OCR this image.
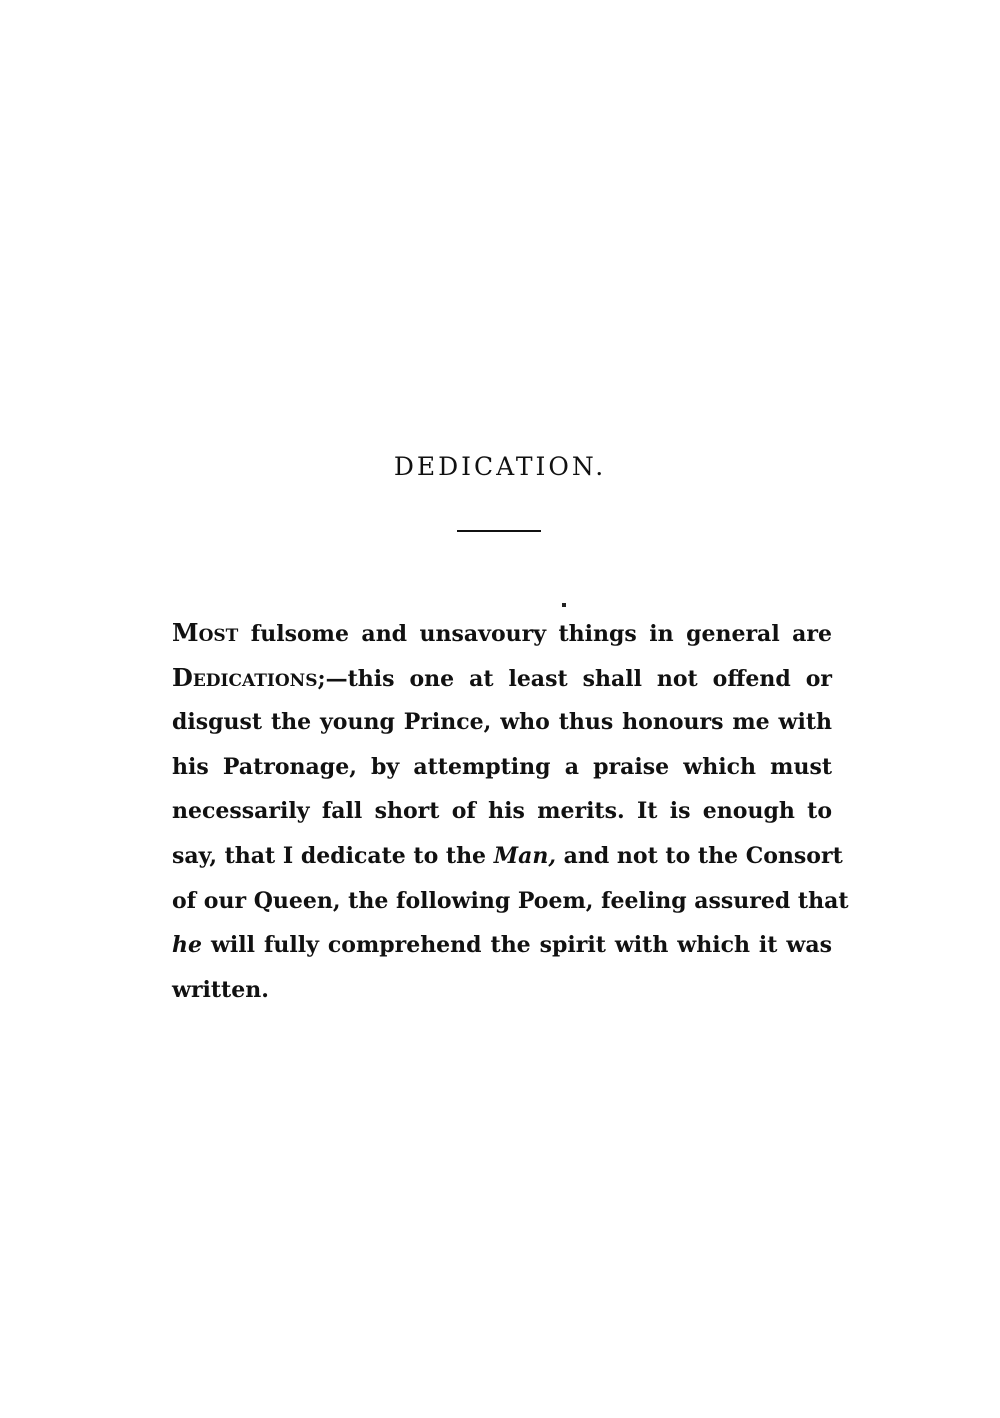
DEDICATION.
Most fulsome and unsavoury things in general are
Dedications;—this one at least shall not offend or
disgust the young Prince, who thus honours me with
his Patronage, by attempting a praise which must
necessarily fall short of his merits. It is enough to
say, that I dedicate to the Man, and not to the Consort
of our Queen, the following Poem, feeling assured that
he will fully comprehend the spirit with which it was
written.
